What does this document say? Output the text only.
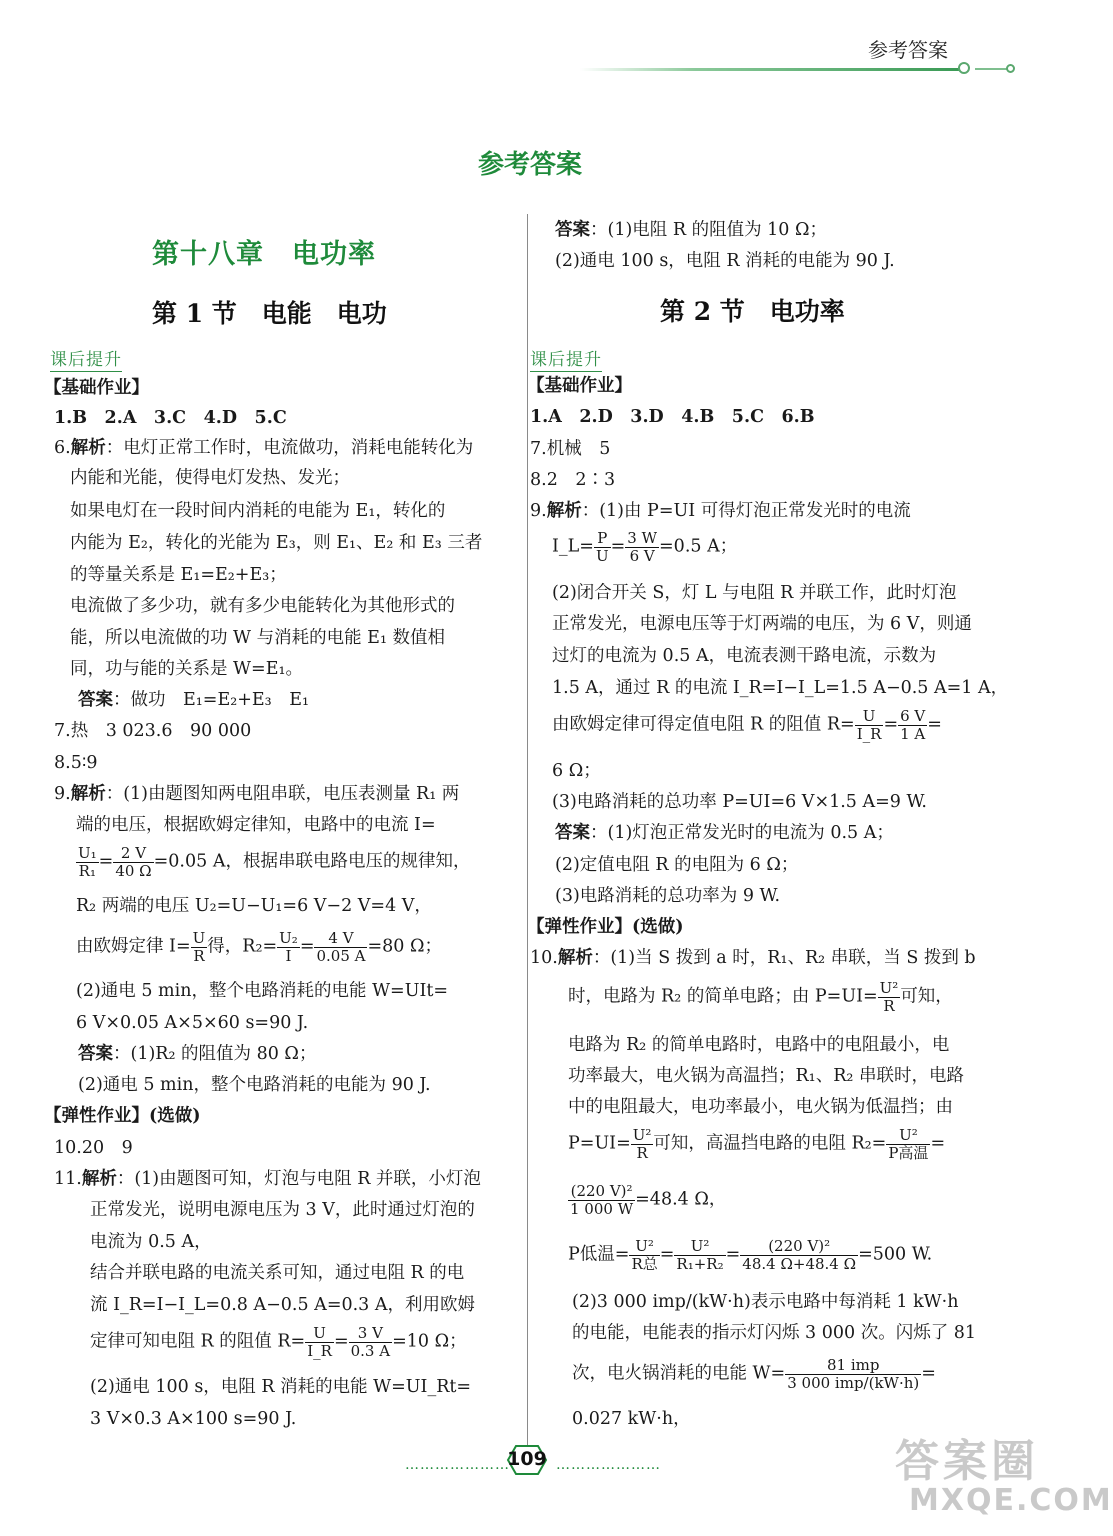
参考答案
参考答案
第十八章　电功率
第 1 节　电能　电功
课后提升
【基础作业】
1.B　2.A　3.C　4.D　5.C
6.解析：电灯正常工作时，电流做功，消耗电能转化为
内能和光能，使得电灯发热、发光；
如果电灯在一段时间内消耗的电能为 E₁，转化的
内能为 E₂，转化的光能为 E₃，则 E₁、E₂ 和 E₃ 三者
的等量关系是 E₁=E₂+E₃；
电流做了多少功，就有多少电能转化为其他形式的
能，所以电流做的功 W 与消耗的电能 E₁ 数值相
同，功与能的关系是 W=E₁。
答案：做功　E₁=E₂+E₃　E₁
7.热　3 023.6　90 000
8.5∶9
9.解析：(1)由题图知两电阻串联，电压表测量 R₁ 两
端的电压，根据欧姆定律知，电路中的电流 I=
$\frac{\text{U₁}}{\text{R₁}} = \frac{2 V}{40 \Omega} =0.05$ A，根据串联电路电压的规律知，
R₂ 两端的电压 U₂=U−U₁=6 V−2 V=4 V，
由欧姆定律 $I= \frac{U}{R}$ 得，$R_2= \frac{\text{U₂}}{I} = \frac{4 V}{0.05 A} =80$ Ω；
(2)通电 5 min，整个电路消耗的电能 W=UIt=
6 V×0.05 A×5×60 s=90 J.
答案：(1)R₂ 的阻值为 80 Ω；
(2)通电 5 min，整个电路消耗的电能为 90 J.
【弹性作业】(选做)
10.20　9
11.解析：(1)由题图可知，灯泡与电阻 R 并联，小灯泡
正常发光，说明电源电压为 3 V，此时通过灯泡的
电流为 0.5 A，
结合并联电路的电流关系可知，通过电阻 R 的电
流 I_R=I−I_L=0.8 A−0.5 A=0.3 A，利用欧姆
定律可知电阻 R 的阻值 $R= \frac{U}{I\_R} = \frac{3 V}{0.3 A} =10$ Ω；
(2)通电 100 s，电阻 R 消耗的电能 W=UI_Rt=
3 V×0.3 A×100 s=90 J.
答案：(1)电阻 R 的阻值为 10 Ω；
(2)通电 100 s，电阻 R 消耗的电能为 90 J.
第 2 节　电功率
课后提升
【基础作业】
1.A　2.D　3.D　4.B　5.C　6.B
7.机械　5
8.2　2∶3
9.解析：(1)由 P=UI 可得灯泡正常发光时的电流
I_L= $\frac{P}{U} = \frac{3 W}{6 V} =0.5$ A；
(2)闭合开关 S，灯 L 与电阻 R 并联工作，此时灯泡
正常发光，电源电压等于灯两端的电压，为 6 V，则通
过灯的电流为 0.5 A，电流表测干路电流，示数为
1.5 A，通过 R 的电流 I_R=I−I_L=1.5 A−0.5 A=1 A，
由欧姆定律可得定值电阻 R 的阻值 $R= \frac{U}{I\_R} = \frac{6 V}{1 A}$ =
6 Ω；
(3)电路消耗的总功率 P=UI=6 V×1.5 A=9 W.
答案：(1)灯泡正常发光时的电流为 0.5 A；
(2)定值电阻 R 的电阻为 6 Ω；
(3)电路消耗的总功率为 9 W.
【弹性作业】(选做)
10.解析：(1)当 S 拨到 a 时，R₁、R₂ 串联，当 S 拨到 b
时，电路为 R₂ 的简单电路；由 $P=UI= \frac{\text{U²}}{R}$ 可知，
电路为 R₂ 的简单电路时，电路中的电阻最小，电
功率最大，电火锅为高温挡；R₁、R₂ 串联时，电路
中的电阻最大，电功率最小，电火锅为低温挡；由
$P=UI= \frac{\text{U²}}{R}$ 可知，高温挡电路的电阻 $R_2= \frac{\text{U²}}{\text{P高温}}$ =
$\frac{\text{(220 V)²}}{1 000 W} =48.4$ Ω，
P低温= $\frac{\text{U²}}{\text{R总}} = \frac{\text{U²}}{\text{R₁+R₂}} = \frac{\text{(220 V)²}}{48.4 \Omega+48.4 \Omega} =500$ W.
(2)3 000 imp/(kW·h)表示电路中每消耗 1 kW·h
的电能，电能表的指示灯闪烁 3 000 次。闪烁了 81
次，电火锅消耗的电能 $W= \frac{\text{81 imp}}{\text{3 000 imp/(kW·h)}}$ =
0.027 kW·h，
…………………
109 …………………	答案圈
MXQE.COM
